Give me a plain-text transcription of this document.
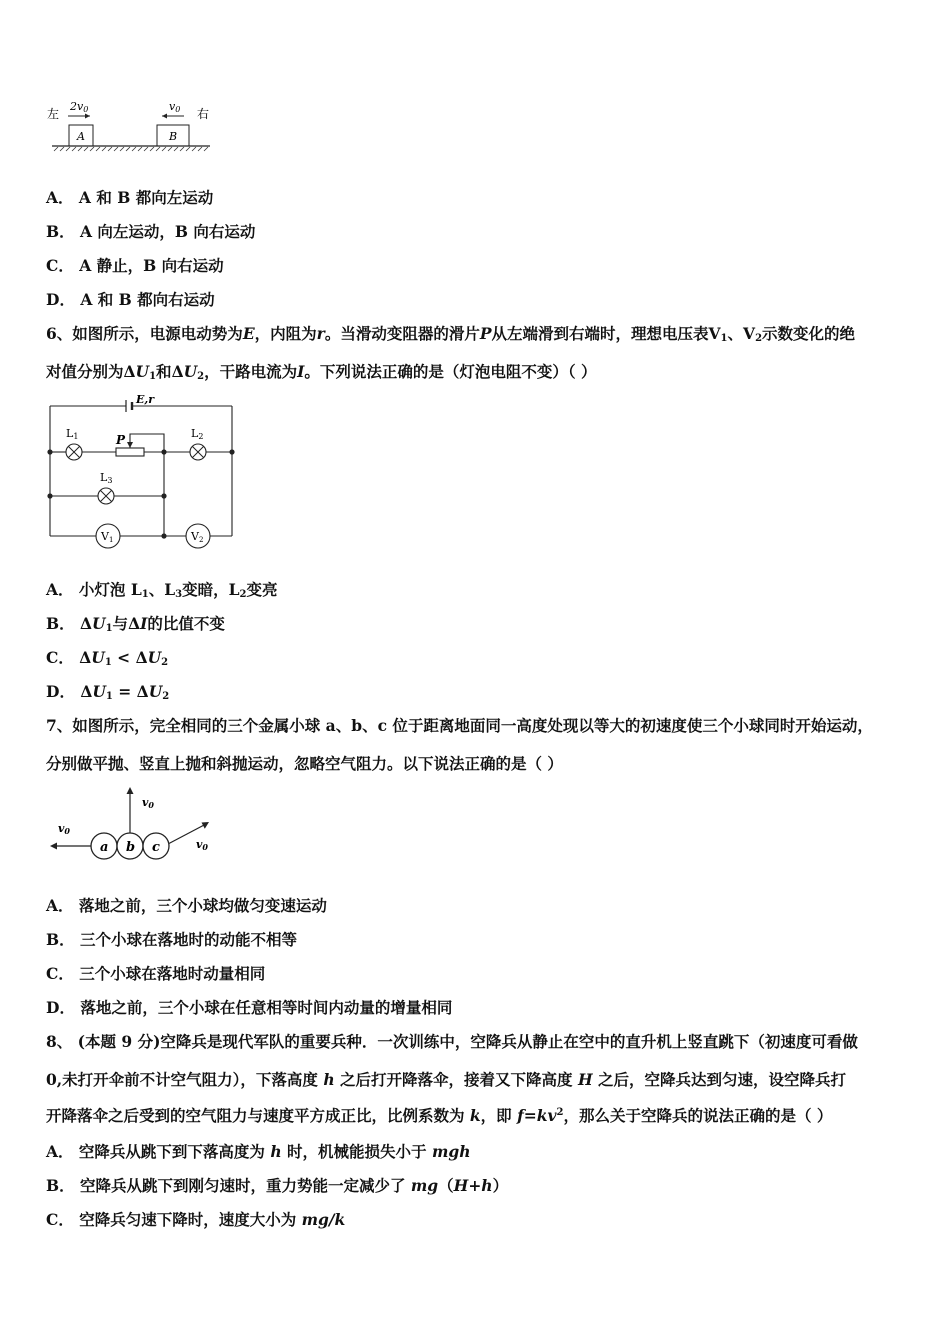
左	右
2v0	v0
A	B
A． A 和 B 都向左运动
B． A 向左运动，B 向右运动
C． A 静止，B 向右运动
D． A 和 B 都向右运动
6、如图所示，电源电动势为E，内阻为r。当滑动变阻器的滑片P从左端滑到右端时，理想电压表$V_1$、$V_2$示数变化的绝
对值分别为$\Delta U_1$和$\Delta U_2$，干路电流为I。下列说法正确的是（灯泡电阻不变）（ ）
E,r
L1	P	L2
L3
V1	V2
A． 小灯泡 $L_1$、$L_3$变暗，$L_2$变亮
B． $\Delta U_1$与ΔI的比值不变
C． $\Delta U_1 < \Delta U_2$
D． $\Delta U_1 = \Delta U_2$
7、如图所示，完全相同的三个金属小球 a、b、c 位于距离地面同一高度处现以等大的初速度使三个小球同时开始运动，
分别做平抛、竖直上抛和斜抛运动，忽略空气阻力。以下说法正确的是（ ）
v0
v0
v0
a b c
A． 落地之前，三个小球均做匀变速运动
B． 三个小球在落地时的动能不相等
C． 三个小球在落地时动量相同
D． 落地之前，三个小球在任意相等时间内动量的增量相同
8、 (本题 9 分)空降兵是现代军队的重要兵种．一次训练中，空降兵从静止在空中的直升机上竖直跳下（初速度可看做
0,未打开伞前不计空气阻力），下落高度 h 之后打开降落伞，接着又下降高度 H 之后，空降兵达到匀速，设空降兵打
开降落伞之后受到的空气阻力与速度平方成正比，比例系数为 k，即 $f=kv^2$，那么关于空降兵的说法正确的是（ ）
A． 空降兵从跳下到下落高度为 h 时，机械能损失小于 mgh
B． 空降兵从跳下到刚匀速时，重力势能一定减少了 mg（H+h）
C． 空降兵匀速下降时，速度大小为 mg/k
